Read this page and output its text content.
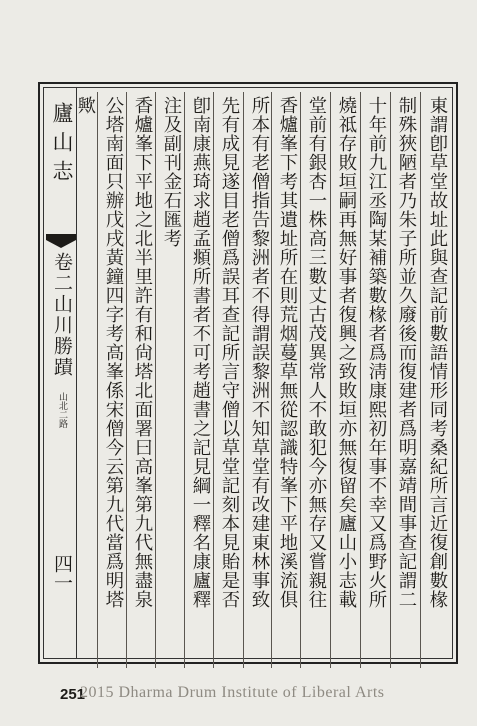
廬山志
卷二山川勝蹟
山北二路
四一	東謂卽草堂故址此與查記前數語情形同考桑紀所言近復創數椽
制殊狹陋者乃朱子所並久廢後而復建者爲明嘉靖間事查記謂二
十年前九江丞陶某補築數椽者爲淸康熙初年事不幸又爲野火所
燒祗存敗垣嗣再無好事者復興之致敗垣亦無復留矣廬山小志載
堂前有銀杏一株高三數丈古茂異常人不敢犯今亦無存又嘗親往
香爐峯下考其遺址所在則荒烟蔓草無從認識特峯下平地溪流俱
所本有老僧指告黎洲者不得謂誤黎洲不知草堂有改建東林事致
先有成見遂目老僧爲誤耳查記所言守僧以草堂記刻本見貽是否
卽南康燕琦求趙孟頫所書者不可考趙書之記見綱一釋名康廬釋
注及副刊金石匯考
香爐峯下平地之北半里許有和尙塔北面署曰高峯第九代無盡泉
公塔南面只辦戊戌黃鐘四字考高峯係宋僧今云第九代當爲明塔
歟
251
2015 Dharma Drum Institute of Liberal Arts
